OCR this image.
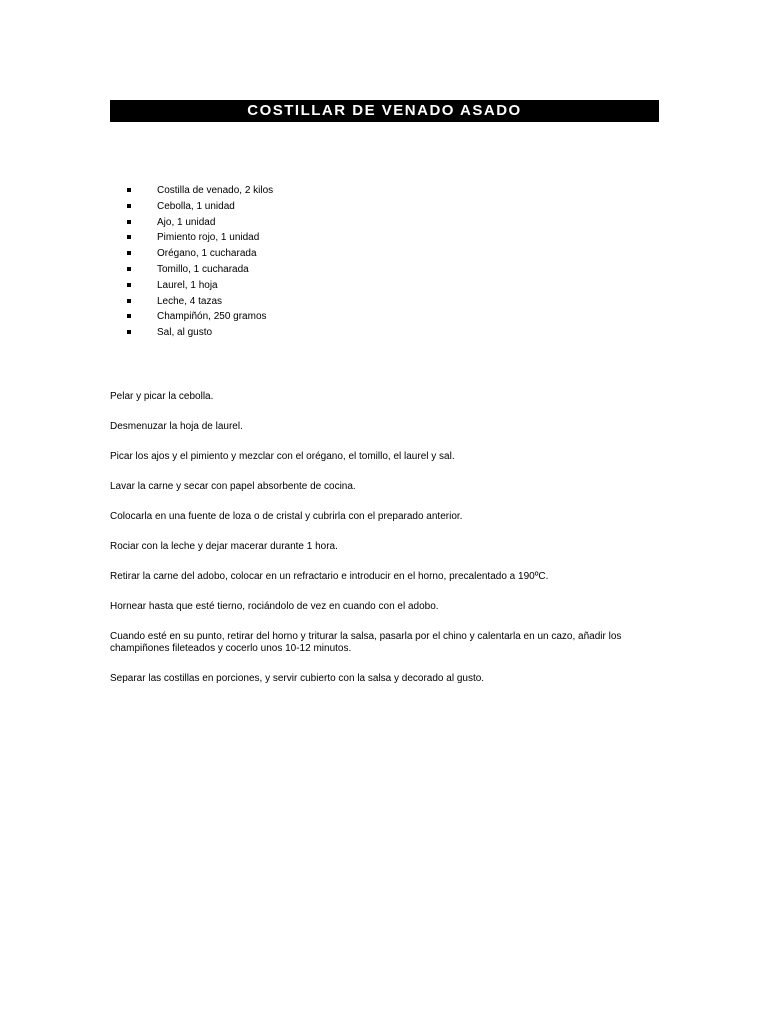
COSTILLAR DE VENADO ASADO
Costilla de venado, 2 kilos
Cebolla, 1 unidad
Ajo, 1 unidad
Pimiento rojo, 1 unidad
Orégano, 1 cucharada
Tomillo, 1 cucharada
Laurel, 1 hoja
Leche, 4 tazas
Champiñón, 250 gramos
Sal, al gusto

Pelar y picar la cebolla.

Desmenuzar la hoja de laurel.

Picar los ajos y el pimiento y mezclar con el orégano, el tomillo, el laurel y sal.

Lavar la carne y secar con papel absorbente de cocina.

Colocarla en una fuente de loza o de cristal y cubrirla con el preparado anterior.

Rociar con la leche y dejar macerar durante 1 hora.

Retirar la carne del adobo, colocar en un refractario e introducir en el horno, precalentado a 190ºC.

Hornear hasta que esté tierno, rociándolo de vez en cuando con el adobo.

Cuando esté en su punto, retirar del horno y triturar la salsa, pasarla por el chino y calentarla en un cazo, añadir los champiñones fileteados y cocerlo unos 10-12 minutos.

Separar las costillas en porciones, y servir cubierto con la salsa y decorado al gusto.
